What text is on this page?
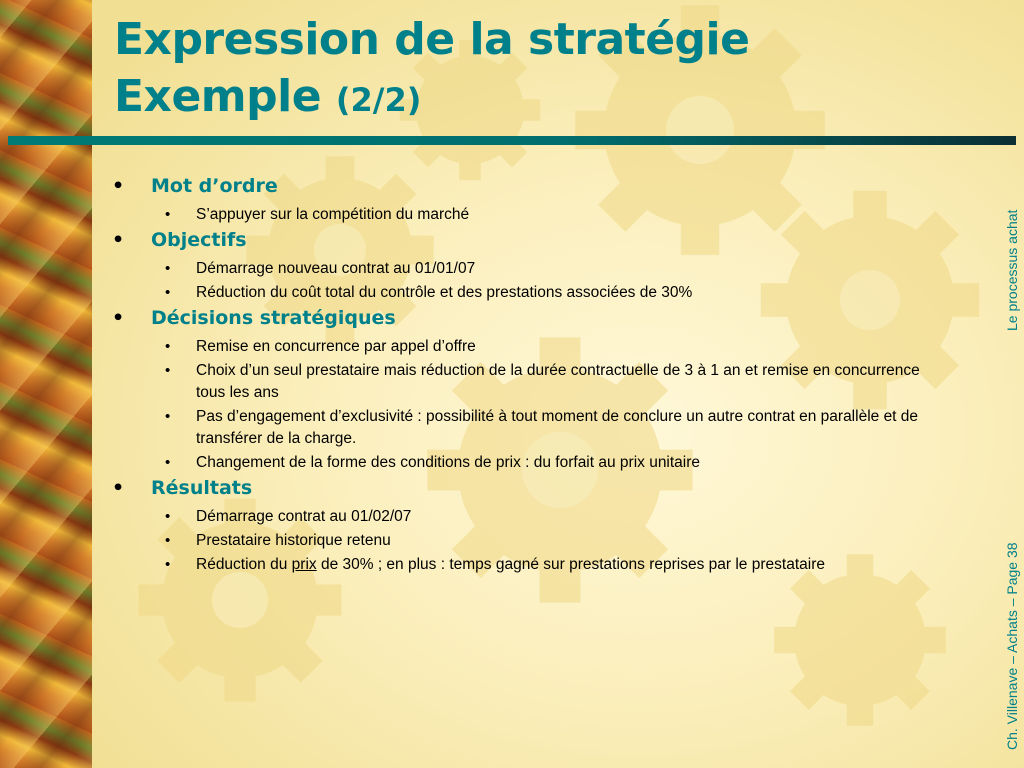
Expression de la stratégie
Exemple (2/2)

• Mot d’ordre

• S’appuyer sur la compétition du marché

• Objectifs

• Démarrage nouveau contrat au 01/01/07

• Réduction du coût total du contrôle et des prestations associées de 30%

• Décisions stratégiques

• Remise en concurrence par appel d’offre

• Choix d’un seul prestataire mais réduction de la durée contractuelle de 3 à 1 an et remise en concurrence tous les ans

• Pas d’engagement d’exclusivité : possibilité à tout moment de conclure un autre contrat en parallèle et de transférer de la charge.

• Changement de la forme des conditions de prix : du forfait au prix unitaire

• Résultats

• Démarrage contrat au 01/02/07

• Prestataire historique retenu

• Réduction du prix de 30% ; en plus : temps gagné sur prestations reprises par le prestataire

Le processus achat
Ch. Villenave – Achats – Page 38
